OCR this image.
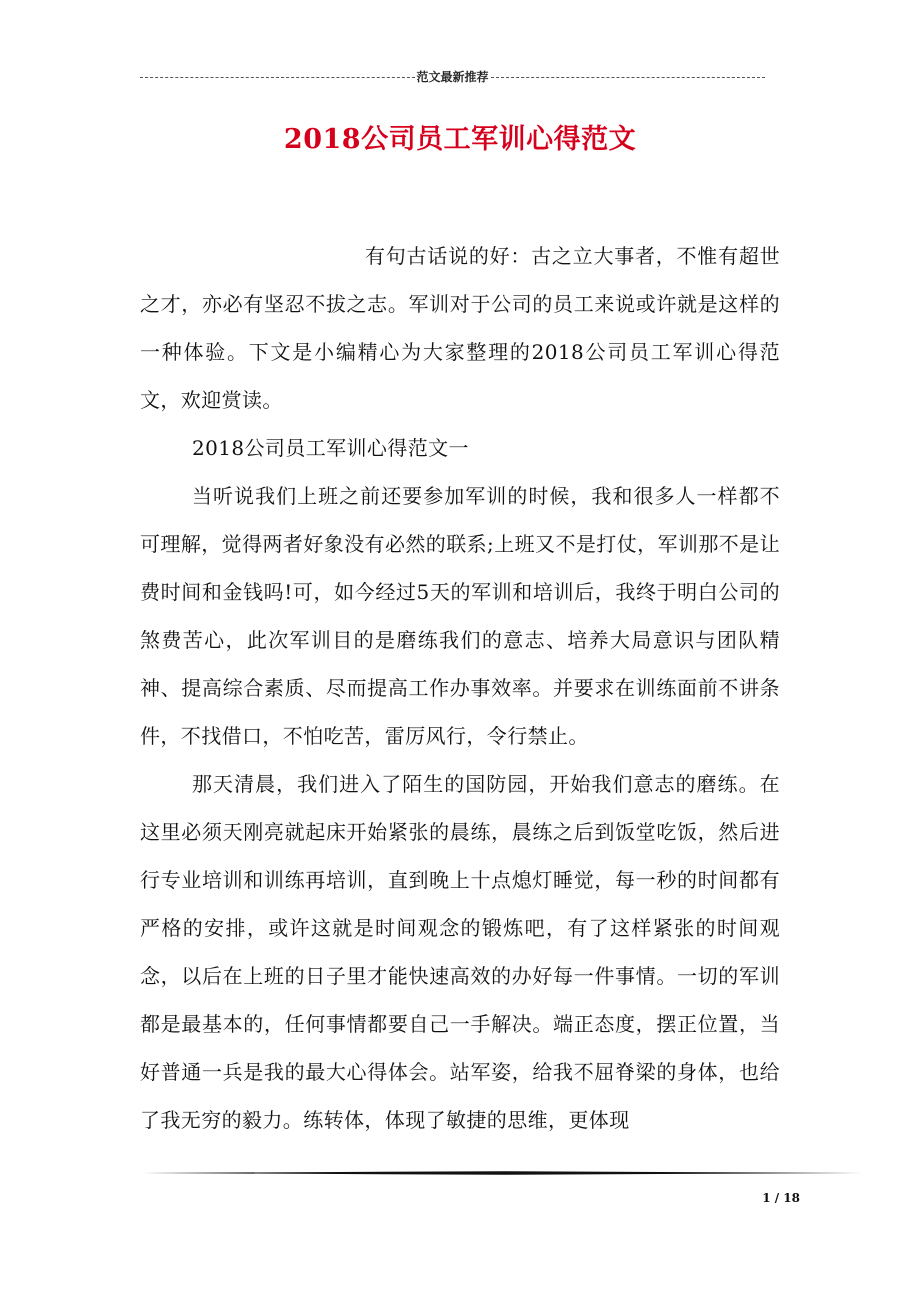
范文最新推荐
2018公司员工军训心得范文

有句古话说的好：古之立大事者，不惟有超世之才，亦必有坚忍不拔之志。军训对于公司的员工来说或许就是这样的一种体验。下文是小编精心为大家整理的2018公司员工军训心得范文，欢迎赏读。

2018公司员工军训心得范文一

当听说我们上班之前还要参加军训的时候，我和很多人一样都不可理解，觉得两者好象没有必然的联系;上班又不是打仗，军训那不是让费时间和金钱吗!可，如今经过5天的军训和培训后，我终于明白公司的煞费苦心，此次军训目的是磨练我们的意志、培养大局意识与团队精神、提高综合素质、尽而提高工作办事效率。并要求在训练面前不讲条件，不找借口，不怕吃苦，雷厉风行，令行禁止。

那天清晨，我们进入了陌生的国防园，开始我们意志的磨练。在这里必须天刚亮就起床开始紧张的晨练，晨练之后到饭堂吃饭，然后进行专业培训和训练再培训，直到晚上十点熄灯睡觉，每一秒的时间都有严格的安排，或许这就是时间观念的锻炼吧，有了这样紧张的时间观念，以后在上班的日子里才能快速高效的办好每一件事情。一切的军训都是最基本的，任何事情都要自己一手解决。端正态度，摆正位置，当好普通一兵是我的最大心得体会。站军姿，给我不屈脊梁的身体，也给了我无穷的毅力。练转体，体现了敏捷的思维，更体现

1 / 18
